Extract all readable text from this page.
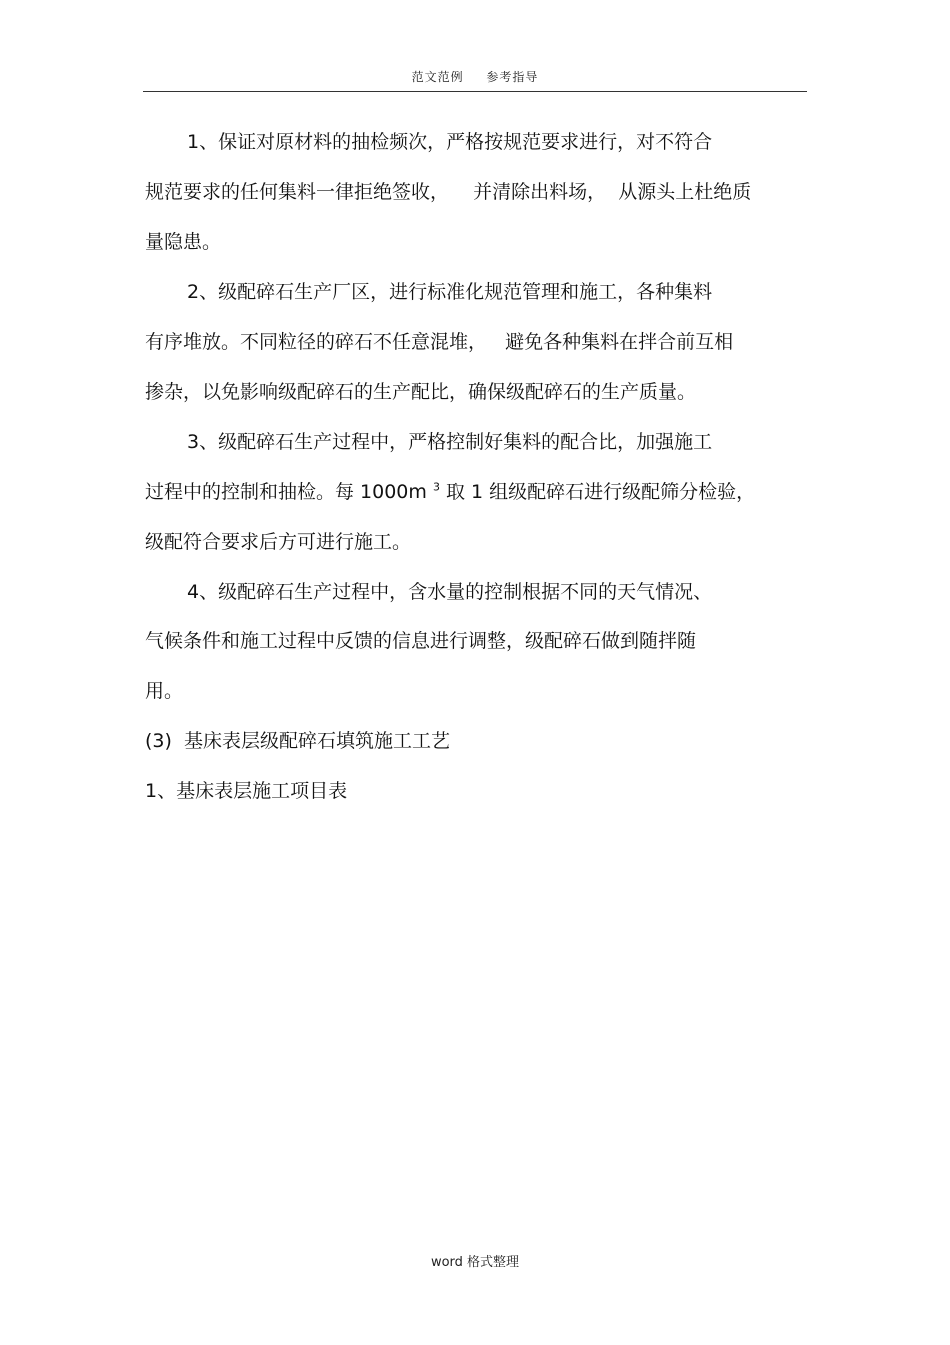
范文范例 参考指导
1、保证对原材料的抽检频次，严格按规范要求进行，对不符合
规范要求的任何集料一律拒绝签收，    并清除出料场，  从源头上杜绝质
量隐患。
2、级配碎石生产厂区，进行标准化规范管理和施工，各种集料
有序堆放。不同粒径的碎石不任意混堆，   避免各种集料在拌合前互相
掺杂，以免影响级配碎石的生产配比，确保级配碎石的生产质量。
3、级配碎石生产过程中，严格控制好集料的配合比，加强施工
过程中的控制和抽检。每 1000m $^3$ 取 1 组级配碎石进行级配筛分检验，
级配符合要求后方可进行施工。
4、级配碎石生产过程中，含水量的控制根据不同的天气情况、
气候条件和施工过程中反馈的信息进行调整，级配碎石做到随拌随
用。
(3)  基床表层级配碎石填筑施工工艺
1、基床表层施工项目表
word 格式整理
